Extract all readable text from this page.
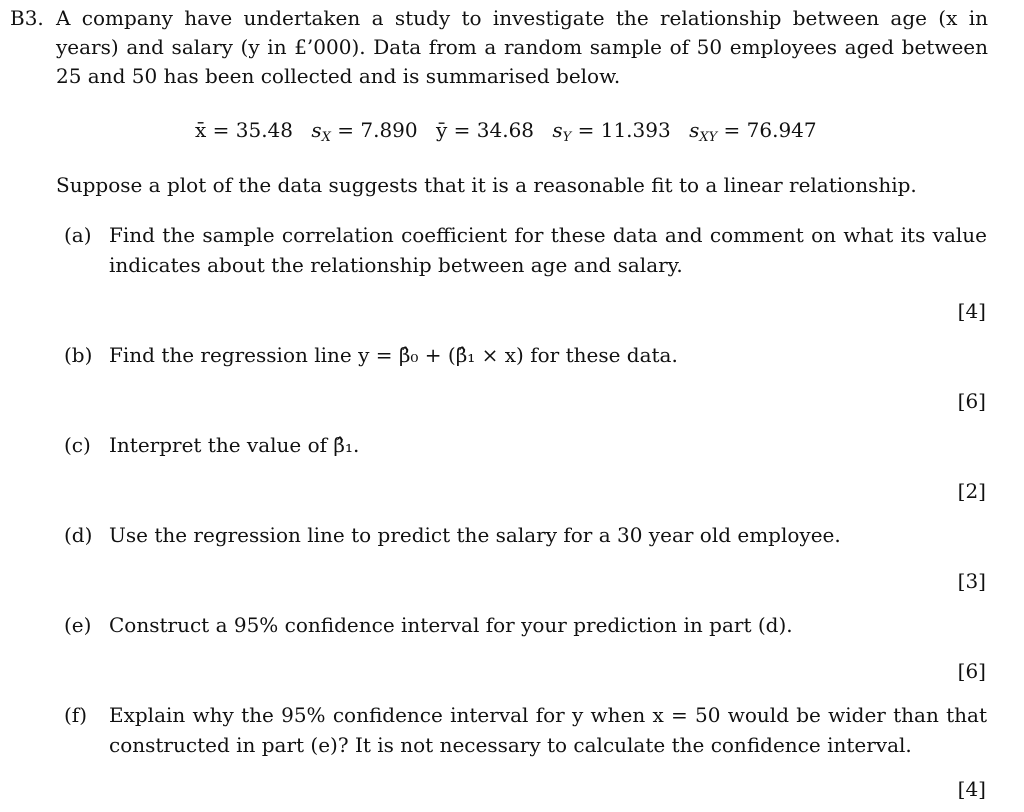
B3. A company have undertaken a study to investigate the relationship between age (x in years) and salary (y in £’000). Data from a random sample of 50 employees aged between 25 and 50 has been collected and is summarised below.
x̄ = 35.48 $s_X = 7.890$ ȳ = 34.68 $s_Y = 11.393$ $s_{XY} = 76.947$
Suppose a plot of the data suggests that it is a reasonable fit to a linear relationship.
(a) Find the sample correlation coefficient for these data and comment on what its value indicates about the relationship between age and salary.
[4]
(b) Find the regression line y = β̂₀ + (β̂₁ × x) for these data.
[6]
(c) Interpret the value of β̂₁.
[2]
(d) Use the regression line to predict the salary for a 30 year old employee.
[3]
(e) Construct a 95% confidence interval for your prediction in part (d).
[6]
(f) Explain why the 95% confidence interval for y when x = 50 would be wider than that constructed in part (e)? It is not necessary to calculate the confidence interval.
[4]
